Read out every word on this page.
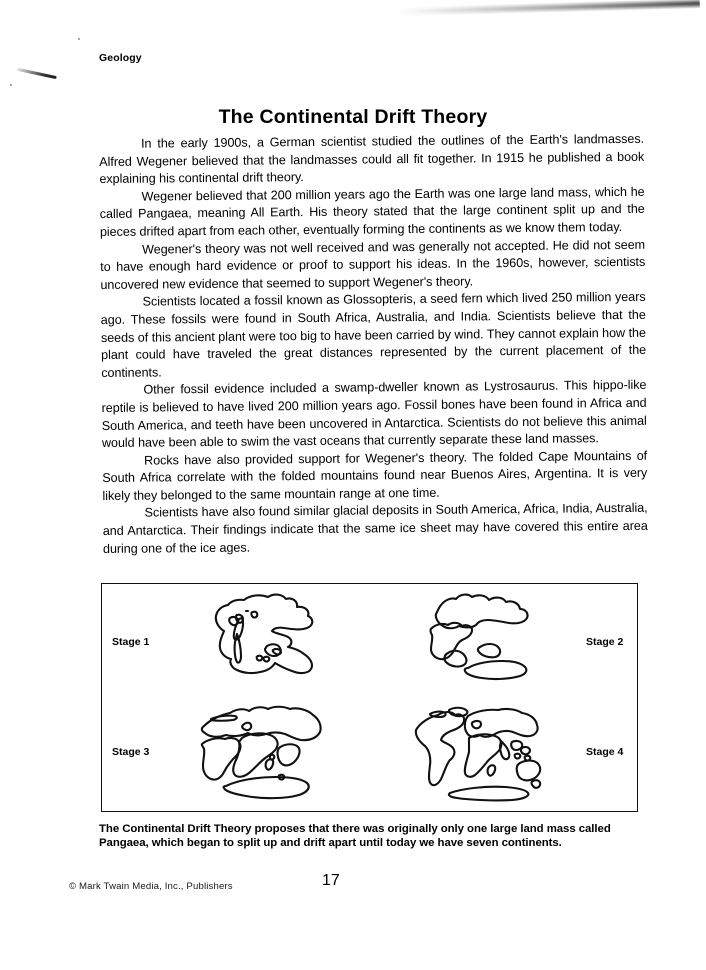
Geology
The Continental Drift Theory

In the early 1900s, a German scientist studied the outlines of the Earth's landmasses. Alfred Wegener believed that the landmasses could all fit together. In 1915 he published a book explaining his continental drift theory.

Wegener believed that 200 million years ago the Earth was one large land mass, which he called Pangaea, meaning All Earth. His theory stated that the large continent split up and the pieces drifted apart from each other, eventually forming the continents as we know them today.

Wegener's theory was not well received and was generally not accepted. He did not seem to have enough hard evidence or proof to support his ideas. In the 1960s, however, scientists uncovered new evidence that seemed to support Wegener's theory.

Scientists located a fossil known as Glossopteris, a seed fern which lived 250 million years ago. These fossils were found in South Africa, Australia, and India. Scientists believe that the seeds of this ancient plant were too big to have been carried by wind. They cannot explain how the plant could have traveled the great distances represented by the current placement of the continents.

Other fossil evidence included a swamp-dweller known as Lystrosaurus. This hippo-like reptile is believed to have lived 200 million years ago. Fossil bones have been found in Africa and South America, and teeth have been uncovered in Antarctica. Scientists do not believe this animal would have been able to swim the vast oceans that currently separate these land masses.

Rocks have also provided support for Wegener's theory. The folded Cape Mountains of South Africa correlate with the folded mountains found near Buenos Aires, Argentina. It is very likely they belonged to the same mountain range at one time.

Scientists have also found similar glacial deposits in South America, Africa, India, Australia, and Antarctica. Their findings indicate that the same ice sheet may have covered this entire area during one of the ice ages.

Stage 1	Stage 2
Stage 3	Stage 4
The Continental Drift Theory proposes that there was originally only one large land mass called
Pangaea, which began to split up and drift apart until today we have seven continents.
© Mark Twain Media, Inc., Publishers	17
